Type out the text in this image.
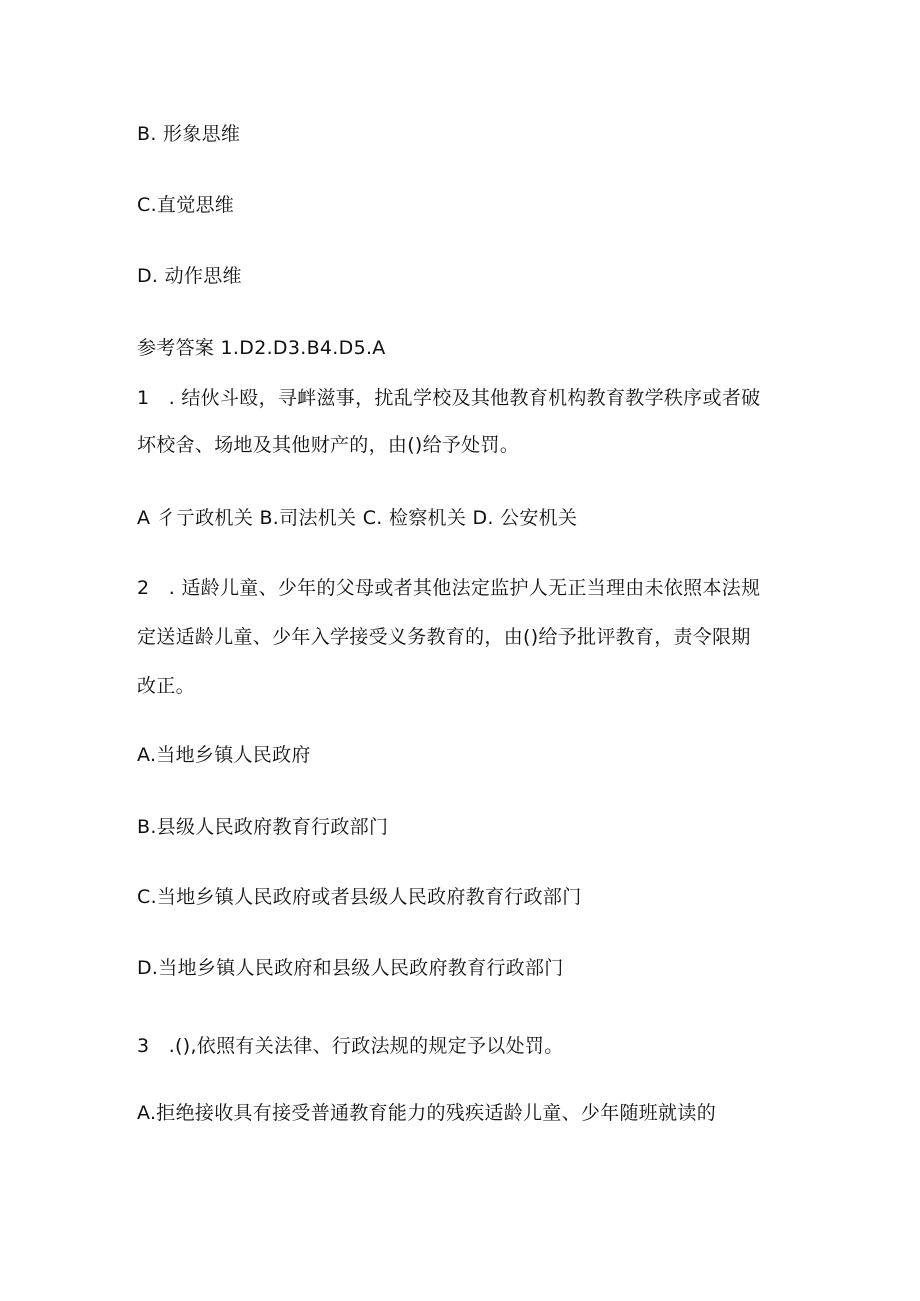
B. 形象思维
C.直觉思维
D. 动作思维
参考答案 1.D2.D3.B4.D5.A
1　. 结伙斗殴，寻衅滋事，扰乱学校及其他教育机构教育教学秩序或者破
坏校舍、场地及其他财产的，由()给予处罚。
A 彳亍政机关 B.司法机关 C. 检察机关 D. 公安机关
2　. 适龄儿童、少年的父母或者其他法定监护人无正当理由未依照本法规
定送适龄儿童、少年入学接受义务教育的，由()给予批评教育，责令限期
改正。
A.当地乡镇人民政府
B.县级人民政府教育行政部门
C.当地乡镇人民政府或者县级人民政府教育行政部门
D.当地乡镇人民政府和县级人民政府教育行政部门
3　.(),依照有关法律、行政法规的规定予以处罚。
A.拒绝接收具有接受普通教育能力的残疾适龄儿童、少年随班就读的
